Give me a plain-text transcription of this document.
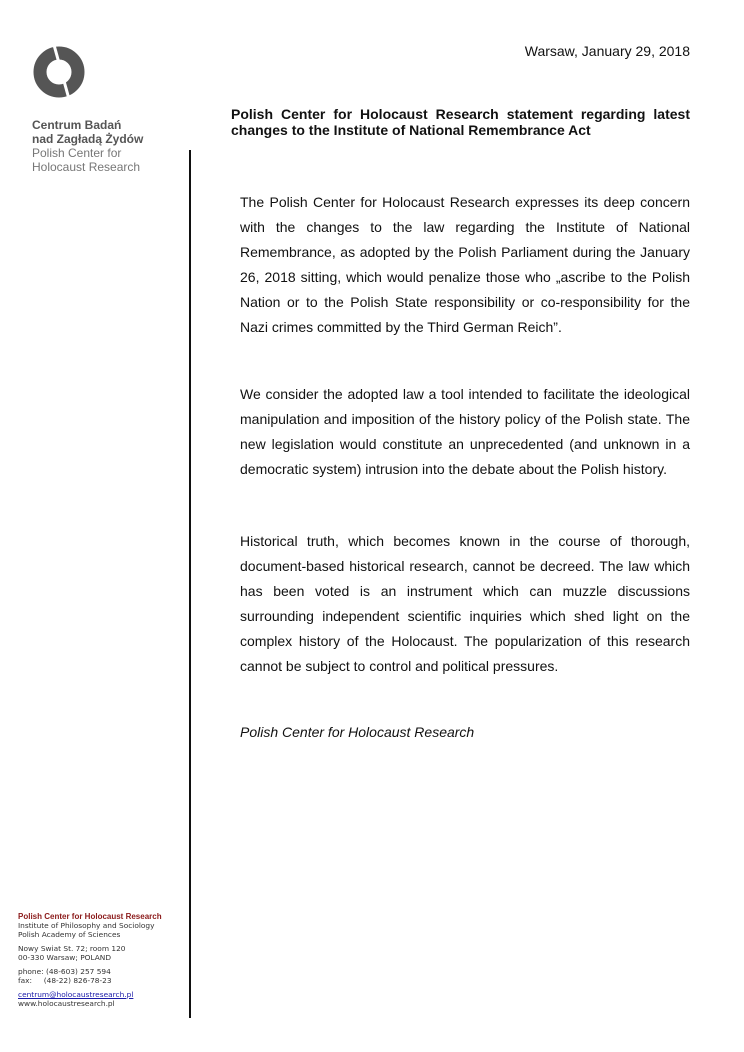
Centrum Badań
nad Zagładą Żydów
Polish Center for
Holocaust Research
Warsaw, January 29, 2018
Polish Center for Holocaust Research statement regarding latest changes to the Institute of National Remembrance Act

The Polish Center for Holocaust Research expresses its deep concern with the changes to the law regarding the Institute of National Remembrance, as adopted by the Polish Parliament during the January 26, 2018 sitting, which would penalize those who „ascribe to the Polish Nation or to the Polish State responsibility or co-responsibility for the Nazi crimes committed by the Third German Reich”.

We consider the adopted law a tool intended to facilitate the ideological manipulation and imposition of the history policy of the Polish state. The new legislation would constitute an unprecedented (and unknown in a democratic system) intrusion into the debate about the Polish history.

Historical truth, which becomes known in the course of thorough, document-based historical research, cannot be decreed. The law which has been voted is an instrument which can muzzle discussions surrounding independent scientific inquiries which shed light on the complex history of the Holocaust. The popularization of this research cannot be subject to control and political pressures.

Polish Center for Holocaust Research
Polish Center for Holocaust Research
Institute of Philosophy and Sociology
Polish Academy of Sciences
Nowy Swiat St. 72; room 120
00-330 Warsaw; POLAND
phone: (48-603) 257 594
fax:     (48-22) 826-78-23
centrum@holocaustresearch.pl
www.holocaustresearch.pl
